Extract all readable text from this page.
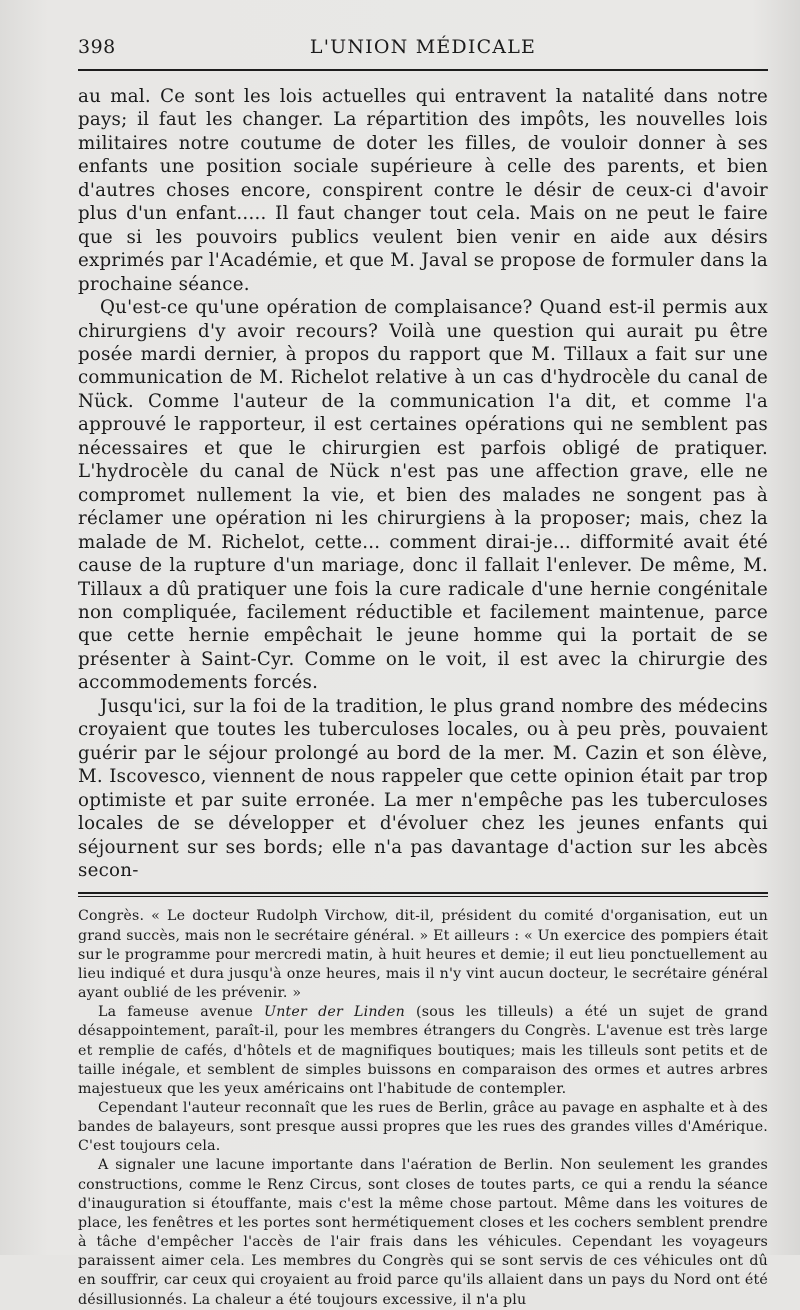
398	L'UNION MÉDICALE

au mal. Ce sont les lois actuelles qui entravent la natalité dans notre pays; il faut les changer. La répartition des impôts, les nouvelles lois militaires notre coutume de doter les filles, de vouloir donner à ses enfants une position sociale supérieure à celle des parents, et bien d'autres choses encore, conspirent contre le désir de ceux-ci d'avoir plus d'un enfant..... Il faut changer tout cela. Mais on ne peut le faire que si les pouvoirs publics veulent bien venir en aide aux désirs exprimés par l'Académie, et que M. Javal se propose de formuler dans la prochaine séance.

Qu'est-ce qu'une opération de complaisance? Quand est-il permis aux chirurgiens d'y avoir recours? Voilà une question qui aurait pu être posée mardi dernier, à propos du rapport que M. Tillaux a fait sur une communication de M. Richelot relative à un cas d'hydrocèle du canal de Nück. Comme l'auteur de la communication l'a dit, et comme l'a approuvé le rapporteur, il est certaines opérations qui ne semblent pas nécessaires et que le chirurgien est parfois obligé de pratiquer. L'hydrocèle du canal de Nück n'est pas une affection grave, elle ne compromet nullement la vie, et bien des malades ne songent pas à réclamer une opération ni les chirurgiens à la proposer; mais, chez la malade de M. Richelot, cette... comment dirai-je... difformité avait été cause de la rupture d'un mariage, donc il fallait l'enlever. De même, M. Tillaux a dû pratiquer une fois la cure radicale d'une hernie congénitale non compliquée, facilement réductible et facilement maintenue, parce que cette hernie empêchait le jeune homme qui la portait de se présenter à Saint-Cyr. Comme on le voit, il est avec la chirurgie des accommodements forcés.

Jusqu'ici, sur la foi de la tradition, le plus grand nombre des médecins croyaient que toutes les tuberculoses locales, ou à peu près, pouvaient guérir par le séjour prolongé au bord de la mer. M. Cazin et son élève, M. Iscovesco, viennent de nous rappeler que cette opinion était par trop optimiste et par suite erronée. La mer n'empêche pas les tuberculoses locales de se développer et d'évoluer chez les jeunes enfants qui séjournent sur ses bords; elle n'a pas davantage d'action sur les abcès secon-

Congrès. « Le docteur Rudolph Virchow, dit-il, président du comité d'organisation, eut un grand succès, mais non le secrétaire général. » Et ailleurs : « Un exercice des pompiers était sur le programme pour mercredi matin, à huit heures et demie; il eut lieu ponctuellement au lieu indiqué et dura jusqu'à onze heures, mais il n'y vint aucun docteur, le secrétaire général ayant oublié de les prévenir. »

La fameuse avenue Unter der Linden (sous les tilleuls) a été un sujet de grand désappointement, paraît-il, pour les membres étrangers du Congrès. L'avenue est très large et remplie de cafés, d'hôtels et de magnifiques boutiques; mais les tilleuls sont petits et de taille inégale, et semblent de simples buissons en comparaison des ormes et autres arbres majestueux que les yeux américains ont l'habitude de contempler.

Cependant l'auteur reconnaît que les rues de Berlin, grâce au pavage en asphalte et à des bandes de balayeurs, sont presque aussi propres que les rues des grandes villes d'Amérique. C'est toujours cela.

A signaler une lacune importante dans l'aération de Berlin. Non seulement les grandes constructions, comme le Renz Circus, sont closes de toutes parts, ce qui a rendu la séance d'inauguration si étouffante, mais c'est la même chose partout. Même dans les voitures de place, les fenêtres et les portes sont hermétiquement closes et les cochers semblent prendre à tâche d'empêcher l'accès de l'air frais dans les véhicules. Cependant les voyageurs paraissent aimer cela. Les membres du Congrès qui se sont servis de ces véhicules ont dû en souffrir, car ceux qui croyaient au froid parce qu'ils allaient dans un pays du Nord ont été désillusionnés. La chaleur a été toujours excessive, il n'a plu
